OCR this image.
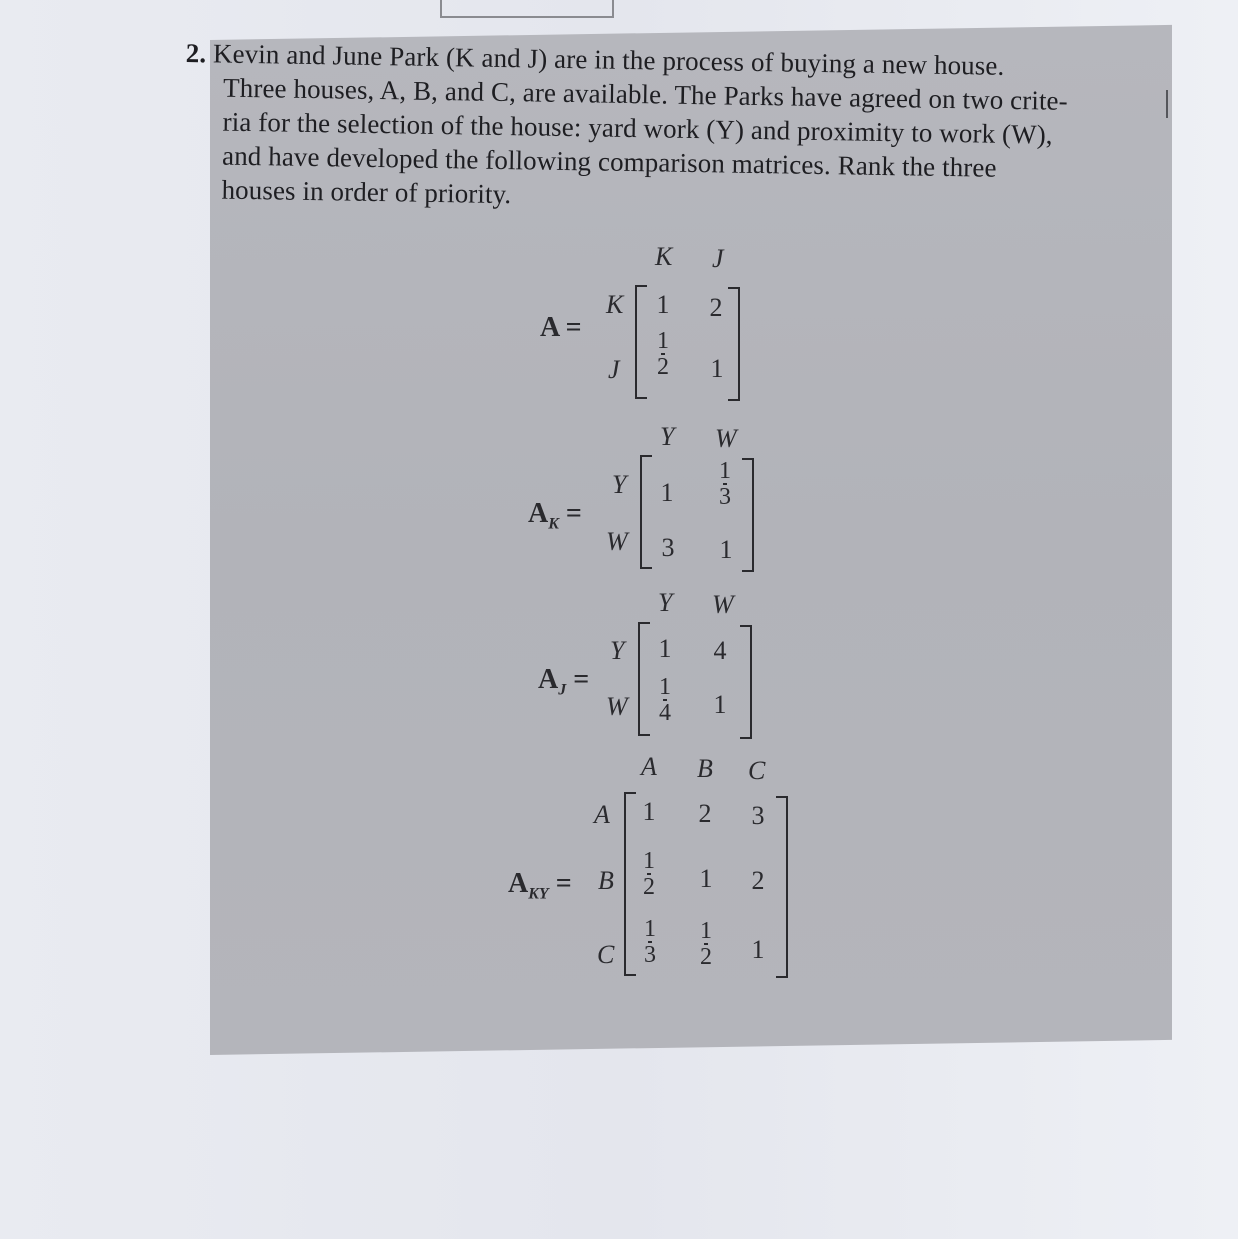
2. Kevin and June Park (K and J) are in the process of buying a new house.
Three houses, A, B, and C, are available. The Parks have agreed on two crite-
ria for the selection of the house: yard work (Y) and proximity to work (W),
and have developed the following comparison matrices. Rank the three
houses in order of priority.
A =
K J
K
J
1	2
$\frac{1}{2}$	1
$A_K$ =
Y W
Y
W
1	$\frac{1}{3}$
3	1
$A_J$ =
Y W
Y
W
1	4
$\frac{1}{4}$	1
$A_{KY}$ =
A B C
A
B
C
1	2	3
$\frac{1}{2}$	1	2
$\frac{1}{3}$	$\frac{1}{2}$	1
